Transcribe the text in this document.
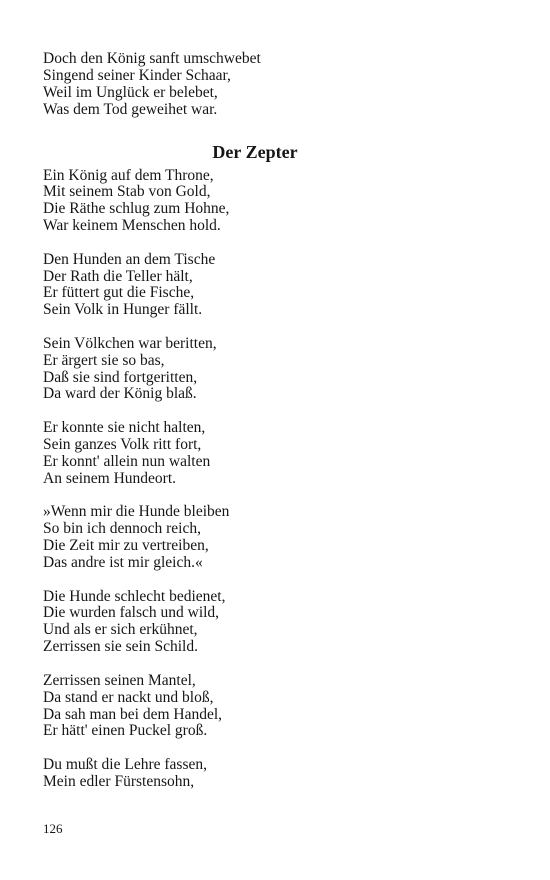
Doch den König sanft umschwebet
Singend seiner Kinder Schaar,
Weil im Unglück er belebet,
Was dem Tod geweihet war.
Der Zepter
Ein König auf dem Throne,
Mit seinem Stab von Gold,
Die Räthe schlug zum Hohne,
War keinem Menschen hold.
Den Hunden an dem Tische
Der Rath die Teller hält,
Er füttert gut die Fische,
Sein Volk in Hunger fällt.
Sein Völkchen war beritten,
Er ärgert sie so bas,
Daß sie sind fortgeritten,
Da ward der König blaß.
Er konnte sie nicht halten,
Sein ganzes Volk ritt fort,
Er konnt' allein nun walten
An seinem Hundeort.
»Wenn mir die Hunde bleiben
So bin ich dennoch reich,
Die Zeit mir zu vertreiben,
Das andre ist mir gleich.«
Die Hunde schlecht bedienet,
Die wurden falsch und wild,
Und als er sich erkühnet,
Zerrissen sie sein Schild.
Zerrissen seinen Mantel,
Da stand er nackt und bloß,
Da sah man bei dem Handel,
Er hätt' einen Puckel groß.
Du mußt die Lehre fassen,
Mein edler Fürstensohn,
126
